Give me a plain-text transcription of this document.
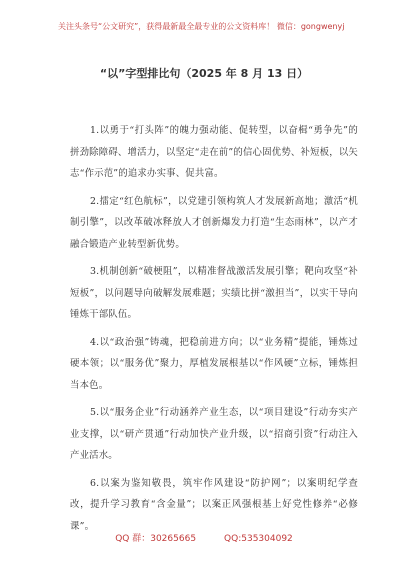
关注头条号“公文研究”，获得最新最全最专业的公文资料库！ 微信：gongwenyj
“以”字型排比句（2025 年 8 月 13 日）

1.以勇于“打头阵”的魄力强动能、促转型，以奋楫“勇争先”的拼劲除障碍、增活力，以坚定“走在前”的信心固优势、补短板，以矢志“作示范”的追求办实事、促共富。

2.擂定“红色航标”，以党建引领构筑人才发展新高地；激活“机制引擎”，以改革破冰释放人才创新爆发力打造“生态雨林”，以产才融合锻造产业转型新优势。

3.机制创新“破梗阻”，以精准督战激活发展引擎；靶向攻坚“补短板”，以问题导向破解发展难题；实绩比拼“激担当”，以实干导向锤炼干部队伍。

4.以“政治强”铸魂，把稳前进方向；以“业务精”提能，锤炼过硬本领；以“服务优”聚力，厚植发展根基以“作风硬”立标，锤炼担当本色。

5.以“服务企业”行动涵养产业生态，以“项目建设”行动夯实产业支撑，以“研产贯通”行动加快产业升级，以“招商引资”行动注入产业活水。

6.以案为鉴知敬畏，筑牢作风建设“防护网”；以案明纪学查改，提升学习教育“含金量”；以案正风强根基上好党性修养“必修课”。

QQ 群：30265665	QQ:535304092
